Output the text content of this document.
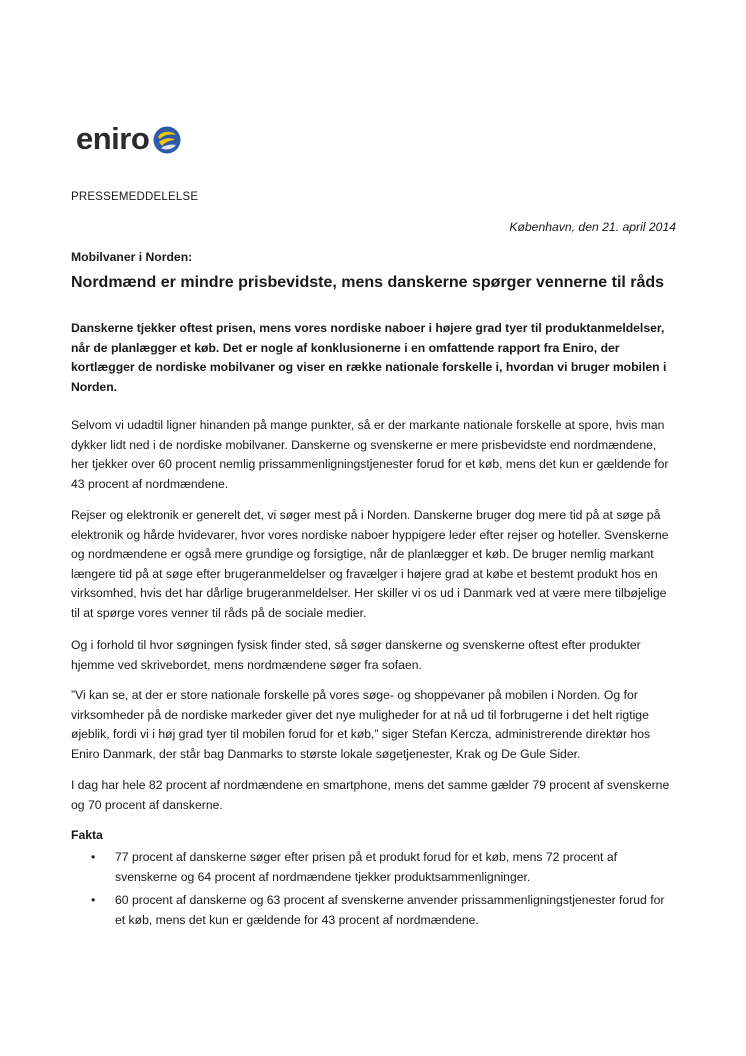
eniro

PRESSEMEDDELELSE

København, den 21. april 2014

Mobilvaner i Norden:

Nordmænd er mindre prisbevidste, mens danskerne spørger vennerne til råds

Danskerne tjekker oftest prisen, mens vores nordiske naboer i højere grad tyer til produktanmeldelser, når de planlægger et køb. Det er nogle af konklusionerne i en omfattende rapport fra Eniro, der kortlægger de nordiske mobilvaner og viser en række nationale forskelle i, hvordan vi bruger mobilen i Norden.

Selvom vi udadtil ligner hinanden på mange punkter, så er der markante nationale forskelle at spore, hvis man dykker lidt ned i de nordiske mobilvaner. Danskerne og svenskerne er mere prisbevidste end nordmændene, her tjekker over 60 procent nemlig prissammenligningstjenester forud for et køb, mens det kun er gældende for 43 procent af nordmændene.

Rejser og elektronik er generelt det, vi søger mest på i Norden. Danskerne bruger dog mere tid på at søge på elektronik og hårde hvidevarer, hvor vores nordiske naboer hyppigere leder efter rejser og hoteller. Svenskerne og nordmændene er også mere grundige og forsigtige, når de planlægger et køb. De bruger nemlig markant længere tid på at søge efter brugeranmeldelser og fravælger i højere grad at købe et bestemt produkt hos en virksomhed, hvis det har dårlige brugeranmeldelser. Her skiller vi os ud i Danmark ved at være mere tilbøjelige til at spørge vores venner til råds på de sociale medier.

Og i forhold til hvor søgningen fysisk finder sted, så søger danskerne og svenskerne oftest efter produkter hjemme ved skrivebordet, mens nordmændene søger fra sofaen.

”Vi kan se, at der er store nationale forskelle på vores søge- og shoppevaner på mobilen i Norden. Og for virksomheder på de nordiske markeder giver det nye muligheder for at nå ud til forbrugerne i det helt rigtige øjeblik, fordi vi i høj grad tyer til mobilen forud for et køb,” siger Stefan Kercza, administrerende direktør hos Eniro Danmark, der står bag Danmarks to største lokale søgetjenester, Krak og De Gule Sider.

I dag har hele 82 procent af nordmændene en smartphone, mens det samme gælder 79 procent af svenskerne og 70 procent af danskerne.

Fakta

• 77 procent af danskerne søger efter prisen på et produkt forud for et køb, mens 72 procent af svenskerne og 64 procent af nordmændene tjekker produktsammenligninger.
• 60 procent af danskerne og 63 procent af svenskerne anvender prissammenligningstjenester forud for et køb, mens det kun er gældende for 43 procent af nordmændene.
